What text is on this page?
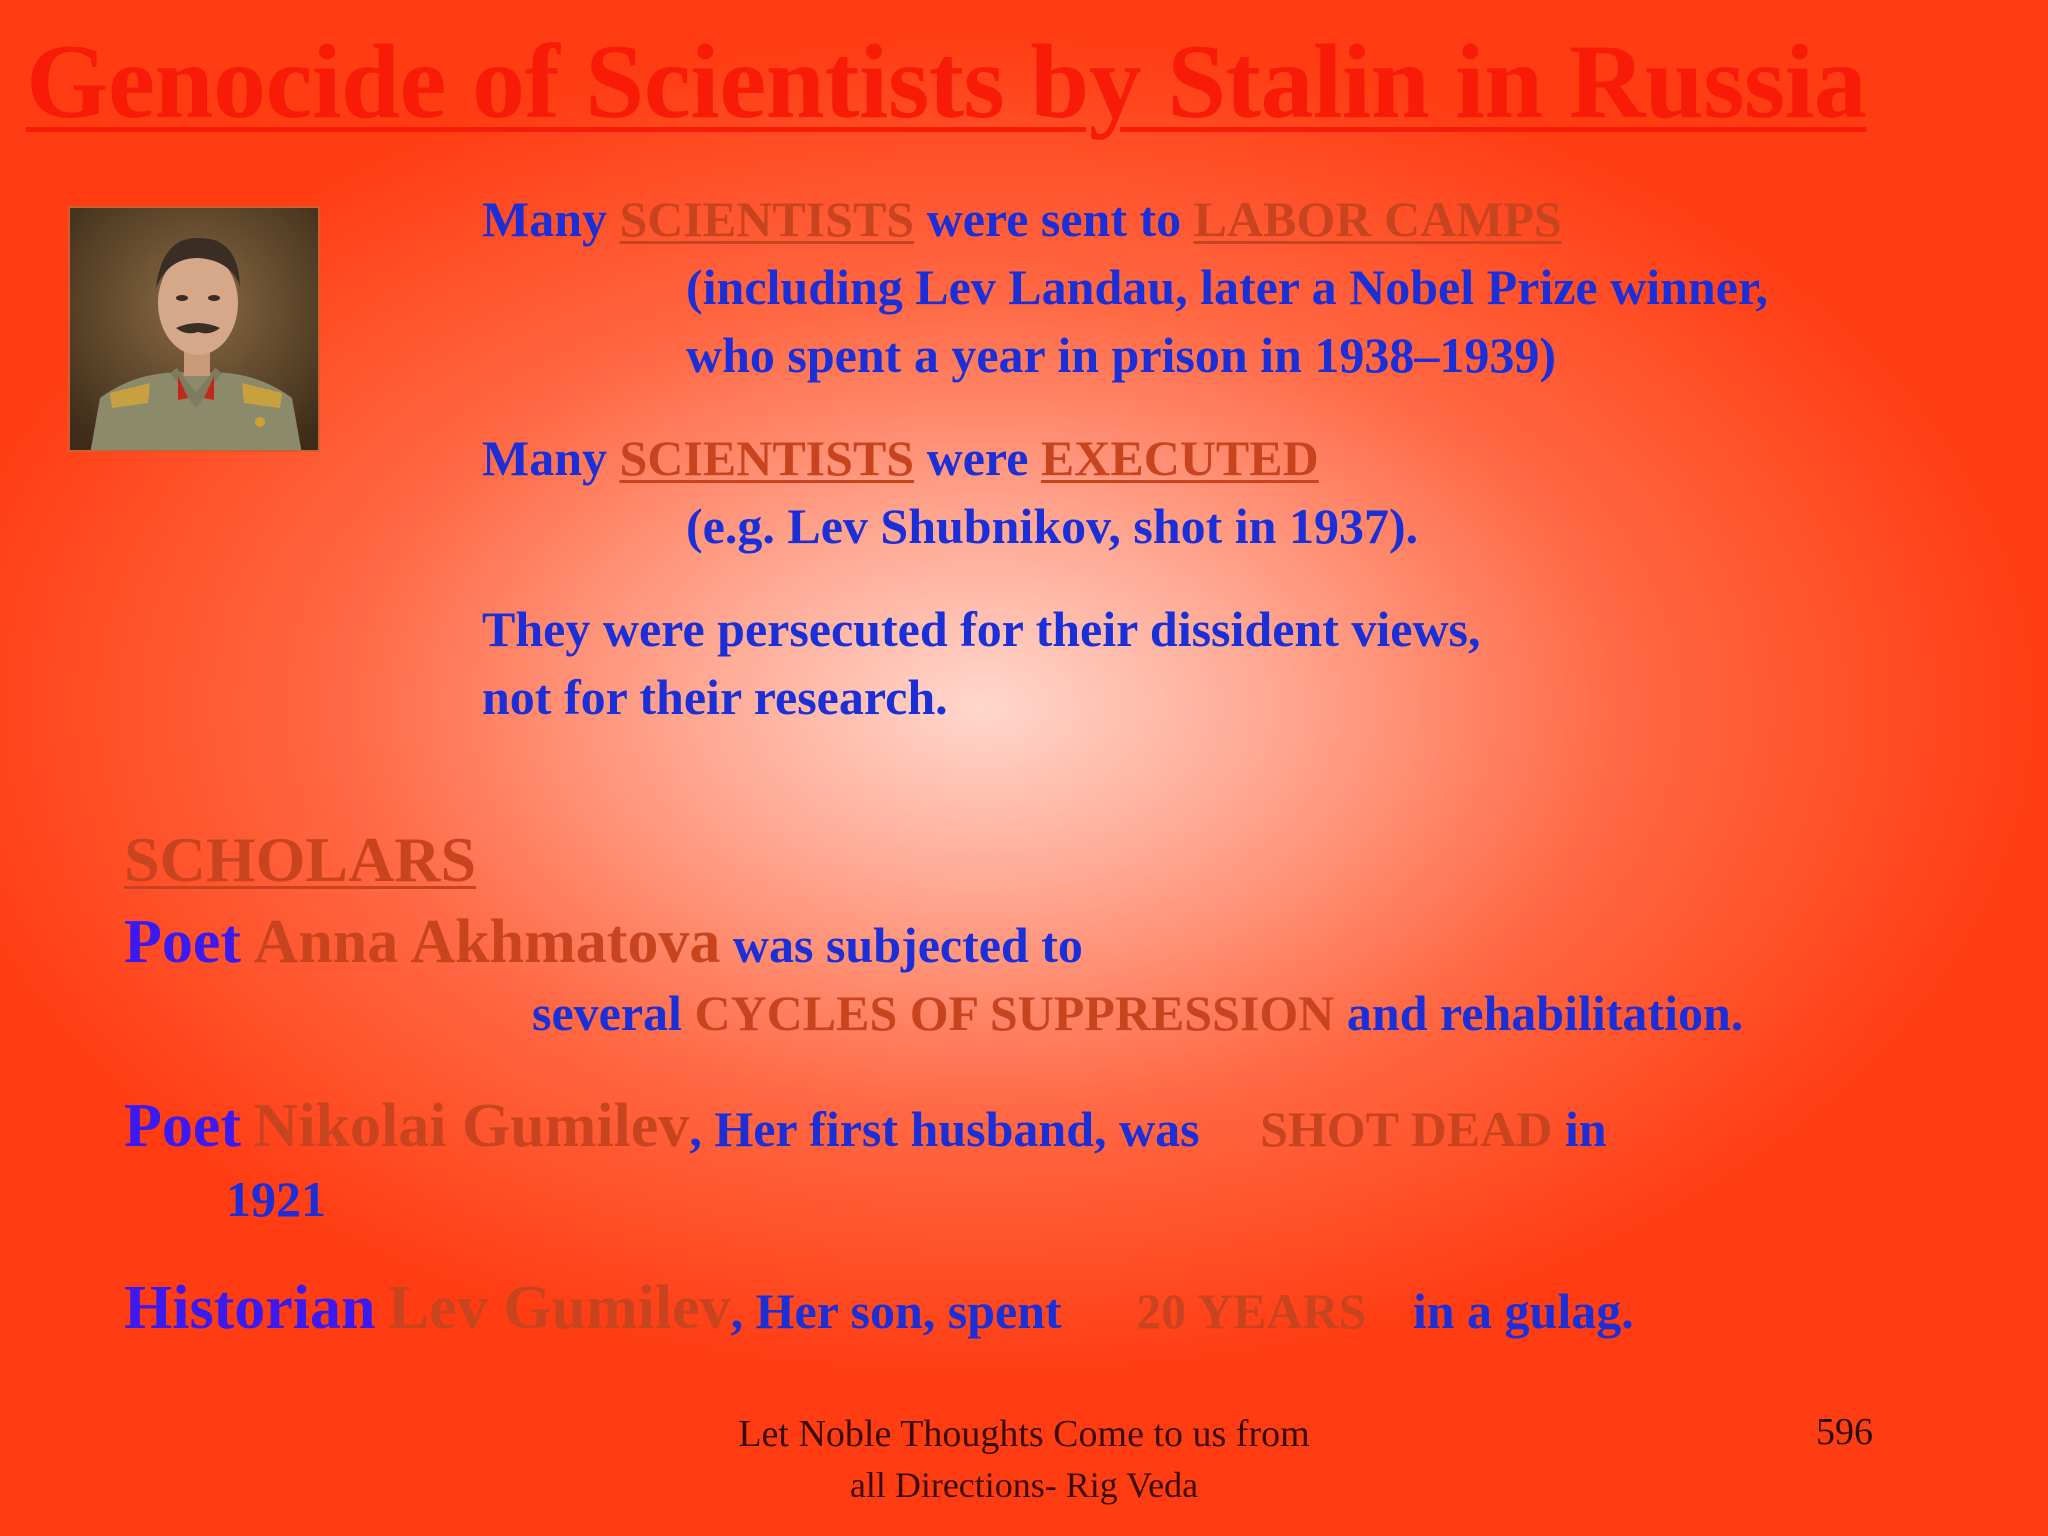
Genocide of Scientists by Stalin in Russia

Many SCIENTISTS were sent to LABOR CAMPS

(including Lev Landau, later a Nobel Prize winner,

who spent a year in prison in 1938–1939)

Many SCIENTISTS were EXECUTED

(e.g. Lev Shubnikov, shot in 1937).

They were persecuted for their dissident views,

not for their research.

SCHOLARS

Poet Anna Akhmatova was subjected to

several CYCLES OF SUPPRESSION and rehabilitation.

Poet Nikolai Gumilev, Her first husband, was SHOT DEAD in

1921

Historian Lev Gumilev, Her son, spent 20 YEARS in a gulag.

Let Noble Thoughts Come to us from
all Directions- Rig Veda
596
